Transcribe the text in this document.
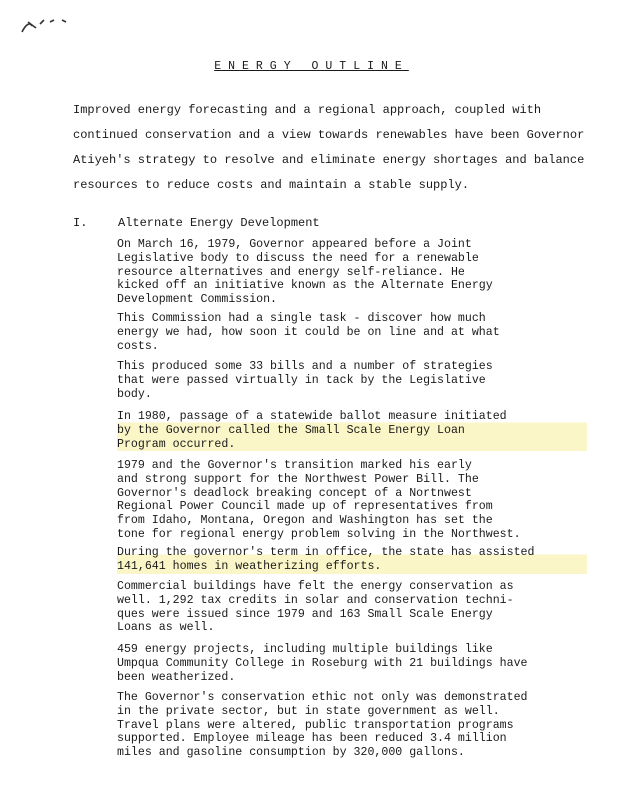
ENERGY OUTLINE

Improved energy forecasting and a regional approach, coupled with continued conservation and a view towards renewables have been Governor Atiyeh's strategy to resolve and eliminate energy shortages and balance resources to reduce costs and maintain a stable supply.

I.	Alternate Energy Development

On March 16, 1979, Governor appeared before a Joint
Legislative body to discuss the need for a renewable
resource alternatives and energy self-reliance. He
kicked off an initiative known as the Alternate Energy
Development Commission.

This Commission had a single task - discover how much
energy we had, how soon it could be on line and at what
costs.

This produced some 33 bills and a number of strategies
that were passed virtually in tack by the Legislative
body.

In 1980, passage of a statewide ballot measure initiated
by the Governor called the Small Scale Energy Loan
Program occurred.

1979 and the Governor's transition marked his early
and strong support for the Northwest Power Bill. The
Governor's deadlock breaking concept of a Nortnwest
Regional Power Council made up of representatives from
from Idaho, Montana, Oregon and Washington has set the
tone for regional energy problem solving in the Northwest.

During the governor's term in office, the state has assisted
141,641 homes in weatherizing efforts.

Commercial buildings have felt the energy conservation as
well. 1,292 tax credits in solar and conservation techni-
ques were issued since 1979 and 163 Small Scale Energy
Loans as well.

459 energy projects, including multiple buildings like
Umpqua Community College in Roseburg with 21 buildings have
been weatherized.

The Governor's conservation ethic not only was demonstrated
in the private sector, but in state government as well.
Travel plans were altered, public transportation programs
supported. Employee mileage has been reduced 3.4 million
miles and gasoline consumption by 320,000 gallons.
